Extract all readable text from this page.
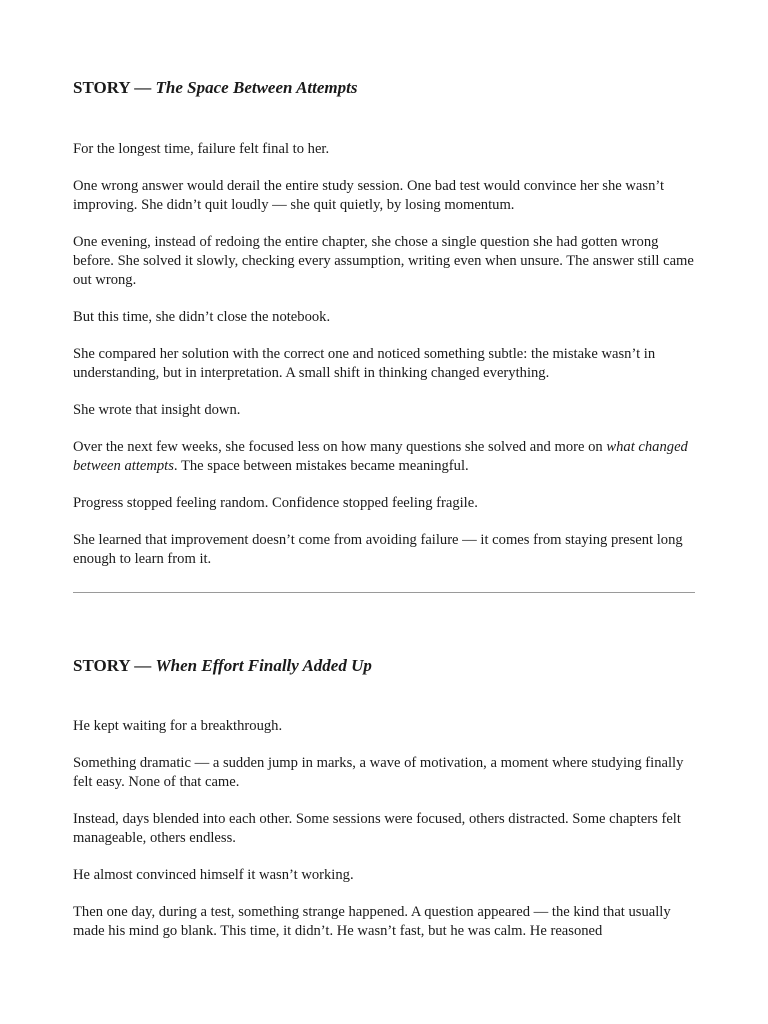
STORY — The Space Between Attempts

For the longest time, failure felt final to her.

One wrong answer would derail the entire study session. One bad test would convince her she wasn’t improving. She didn’t quit loudly — she quit quietly, by losing momentum.

One evening, instead of redoing the entire chapter, she chose a single question she had gotten wrong before. She solved it slowly, checking every assumption, writing even when unsure. The answer still came out wrong.

But this time, she didn’t close the notebook.

She compared her solution with the correct one and noticed something subtle: the mistake wasn’t in understanding, but in interpretation. A small shift in thinking changed everything.

She wrote that insight down.

Over the next few weeks, she focused less on how many questions she solved and more on what changed between attempts. The space between mistakes became meaningful.

Progress stopped feeling random. Confidence stopped feeling fragile.

She learned that improvement doesn’t come from avoiding failure — it comes from staying present long enough to learn from it.

STORY — When Effort Finally Added Up

He kept waiting for a breakthrough.

Something dramatic — a sudden jump in marks, a wave of motivation, a moment where studying finally felt easy. None of that came.

Instead, days blended into each other. Some sessions were focused, others distracted. Some chapters felt manageable, others endless.

He almost convinced himself it wasn’t working.

Then one day, during a test, something strange happened. A question appeared — the kind that usually made his mind go blank. This time, it didn’t. He wasn’t fast, but he was calm. He reasoned
